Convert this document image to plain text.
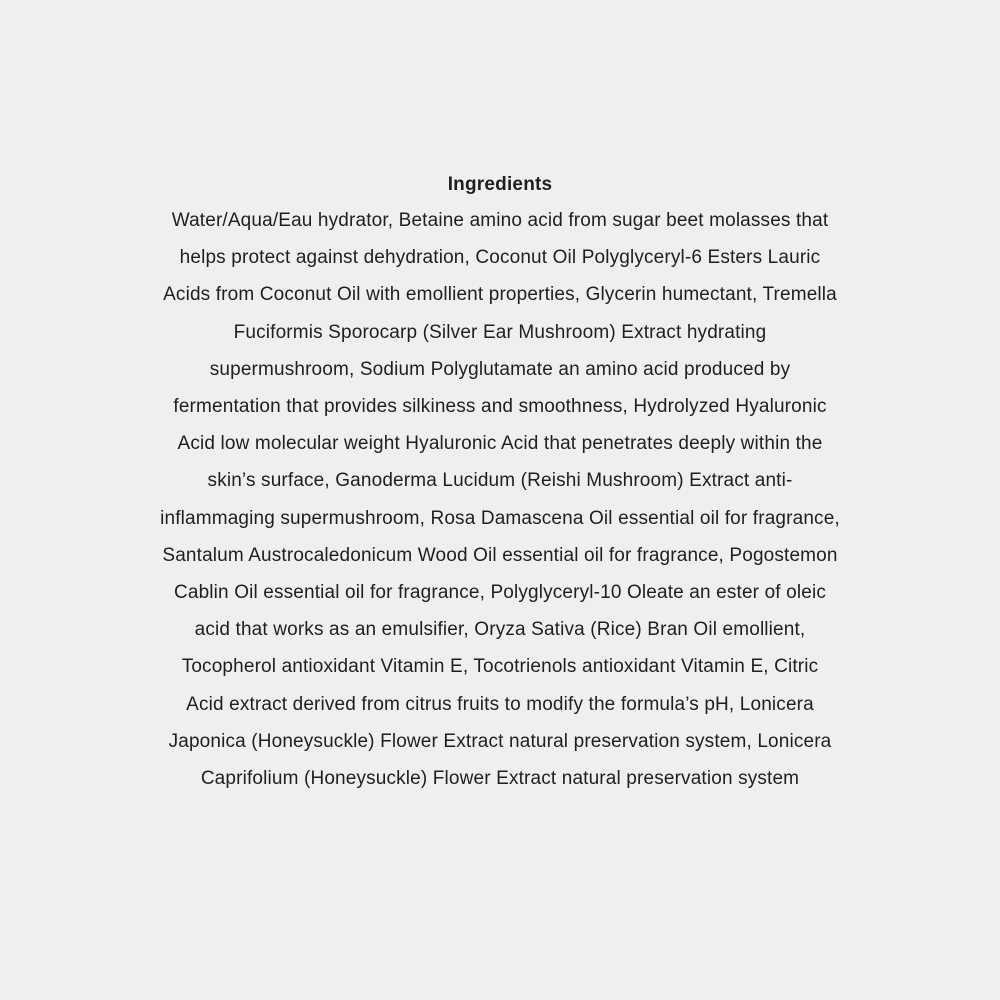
Ingredients
Water/Aqua/Eau hydrator, Betaine amino acid from sugar beet molasses that
helps protect against dehydration, Coconut Oil Polyglyceryl-6 Esters Lauric
Acids from Coconut Oil with emollient properties, Glycerin humectant, Tremella
Fuciformis Sporocarp (Silver Ear Mushroom) Extract hydrating
supermushroom, Sodium Polyglutamate an amino acid produced by
fermentation that provides silkiness and smoothness, Hydrolyzed Hyaluronic
Acid low molecular weight Hyaluronic Acid that penetrates deeply within the
skin’s surface, Ganoderma Lucidum (Reishi Mushroom) Extract anti-
inflammaging supermushroom, Rosa Damascena Oil essential oil for fragrance,
Santalum Austrocaledonicum Wood Oil essential oil for fragrance, Pogostemon
Cablin Oil essential oil for fragrance, Polyglyceryl-10 Oleate an ester of oleic
acid that works as an emulsifier, Oryza Sativa (Rice) Bran Oil emollient,
Tocopherol antioxidant Vitamin E, Tocotrienols antioxidant Vitamin E, Citric
Acid extract derived from citrus fruits to modify the formula’s pH, Lonicera
Japonica (Honeysuckle) Flower Extract natural preservation system, Lonicera
Caprifolium (Honeysuckle) Flower Extract natural preservation system
